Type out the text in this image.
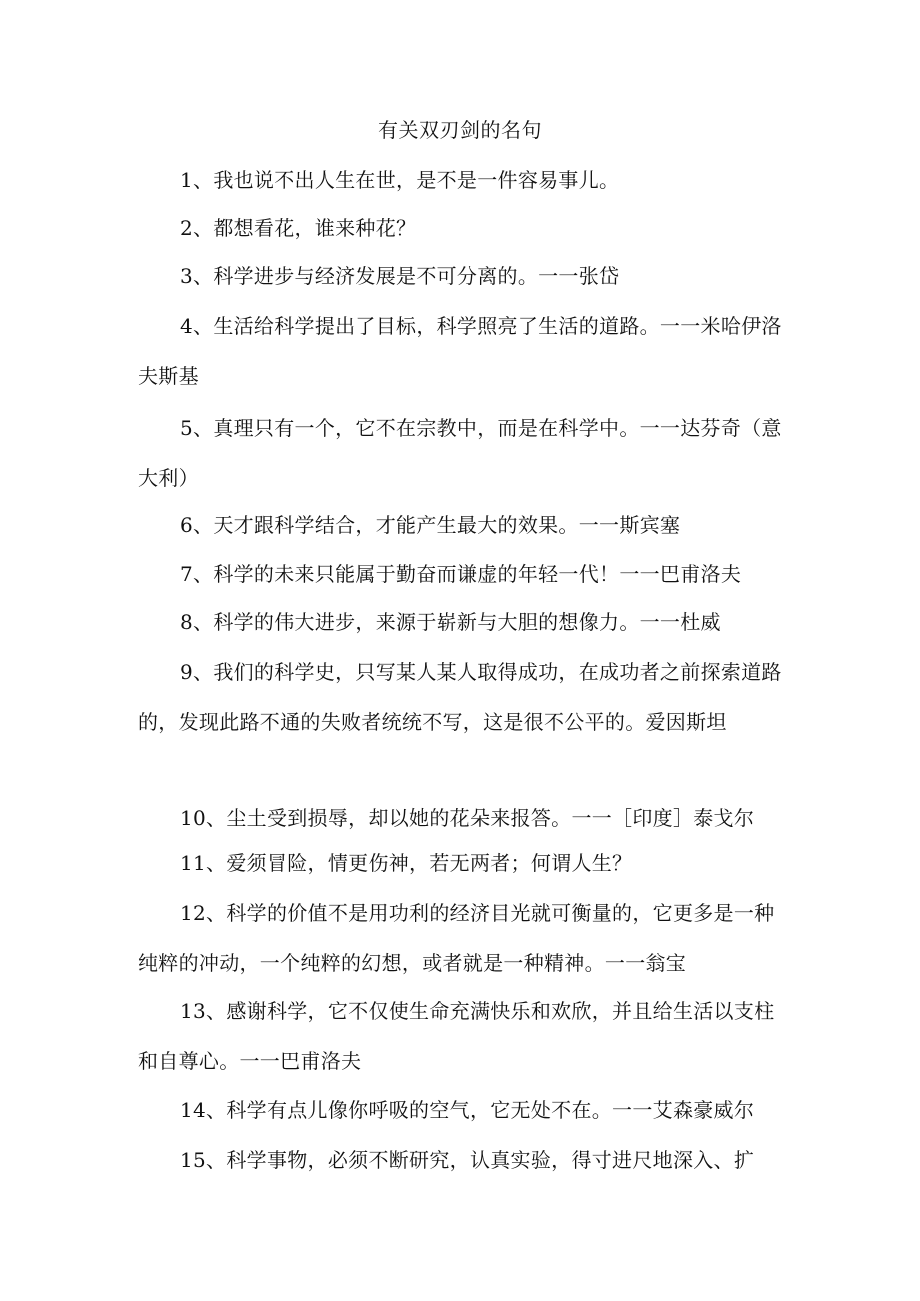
有关双刃剑的名句
1、我也说不出人生在世，是不是一件容易事儿。
2、都想看花，谁来种花？
3、科学进步与经济发展是不可分离的。一一张岱
4、生活给科学提出了目标，科学照亮了生活的道路。一一米哈伊洛夫斯基
5、真理只有一个，它不在宗教中，而是在科学中。一一达芬奇（意大利）
6、天才跟科学结合，才能产生最大的效果。一一斯宾塞
7、科学的未来只能属于勤奋而谦虚的年轻一代！一一巴甫洛夫
8、科学的伟大进步，来源于崭新与大胆的想像力。一一杜威
9、我们的科学史，只写某人某人取得成功，在成功者之前探索道路的，发现此路不通的失败者统统不写，这是很不公平的。爱因斯坦
10、尘土受到损辱，却以她的花朵来报答。一一［印度］泰戈尔
11、爱须冒险，情更伤神，若无两者；何谓人生？
12、科学的价值不是用功利的经济目光就可衡量的，它更多是一种纯粹的冲动，一个纯粹的幻想，或者就是一种精神。一一翁宝
13、感谢科学，它不仅使生命充满快乐和欢欣，并且给生活以支柱和自尊心。一一巴甫洛夫
14、科学有点儿像你呼吸的空气，它无处不在。一一艾森豪威尔
15、科学事物，必须不断研究，认真实验，得寸进尺地深入、扩
